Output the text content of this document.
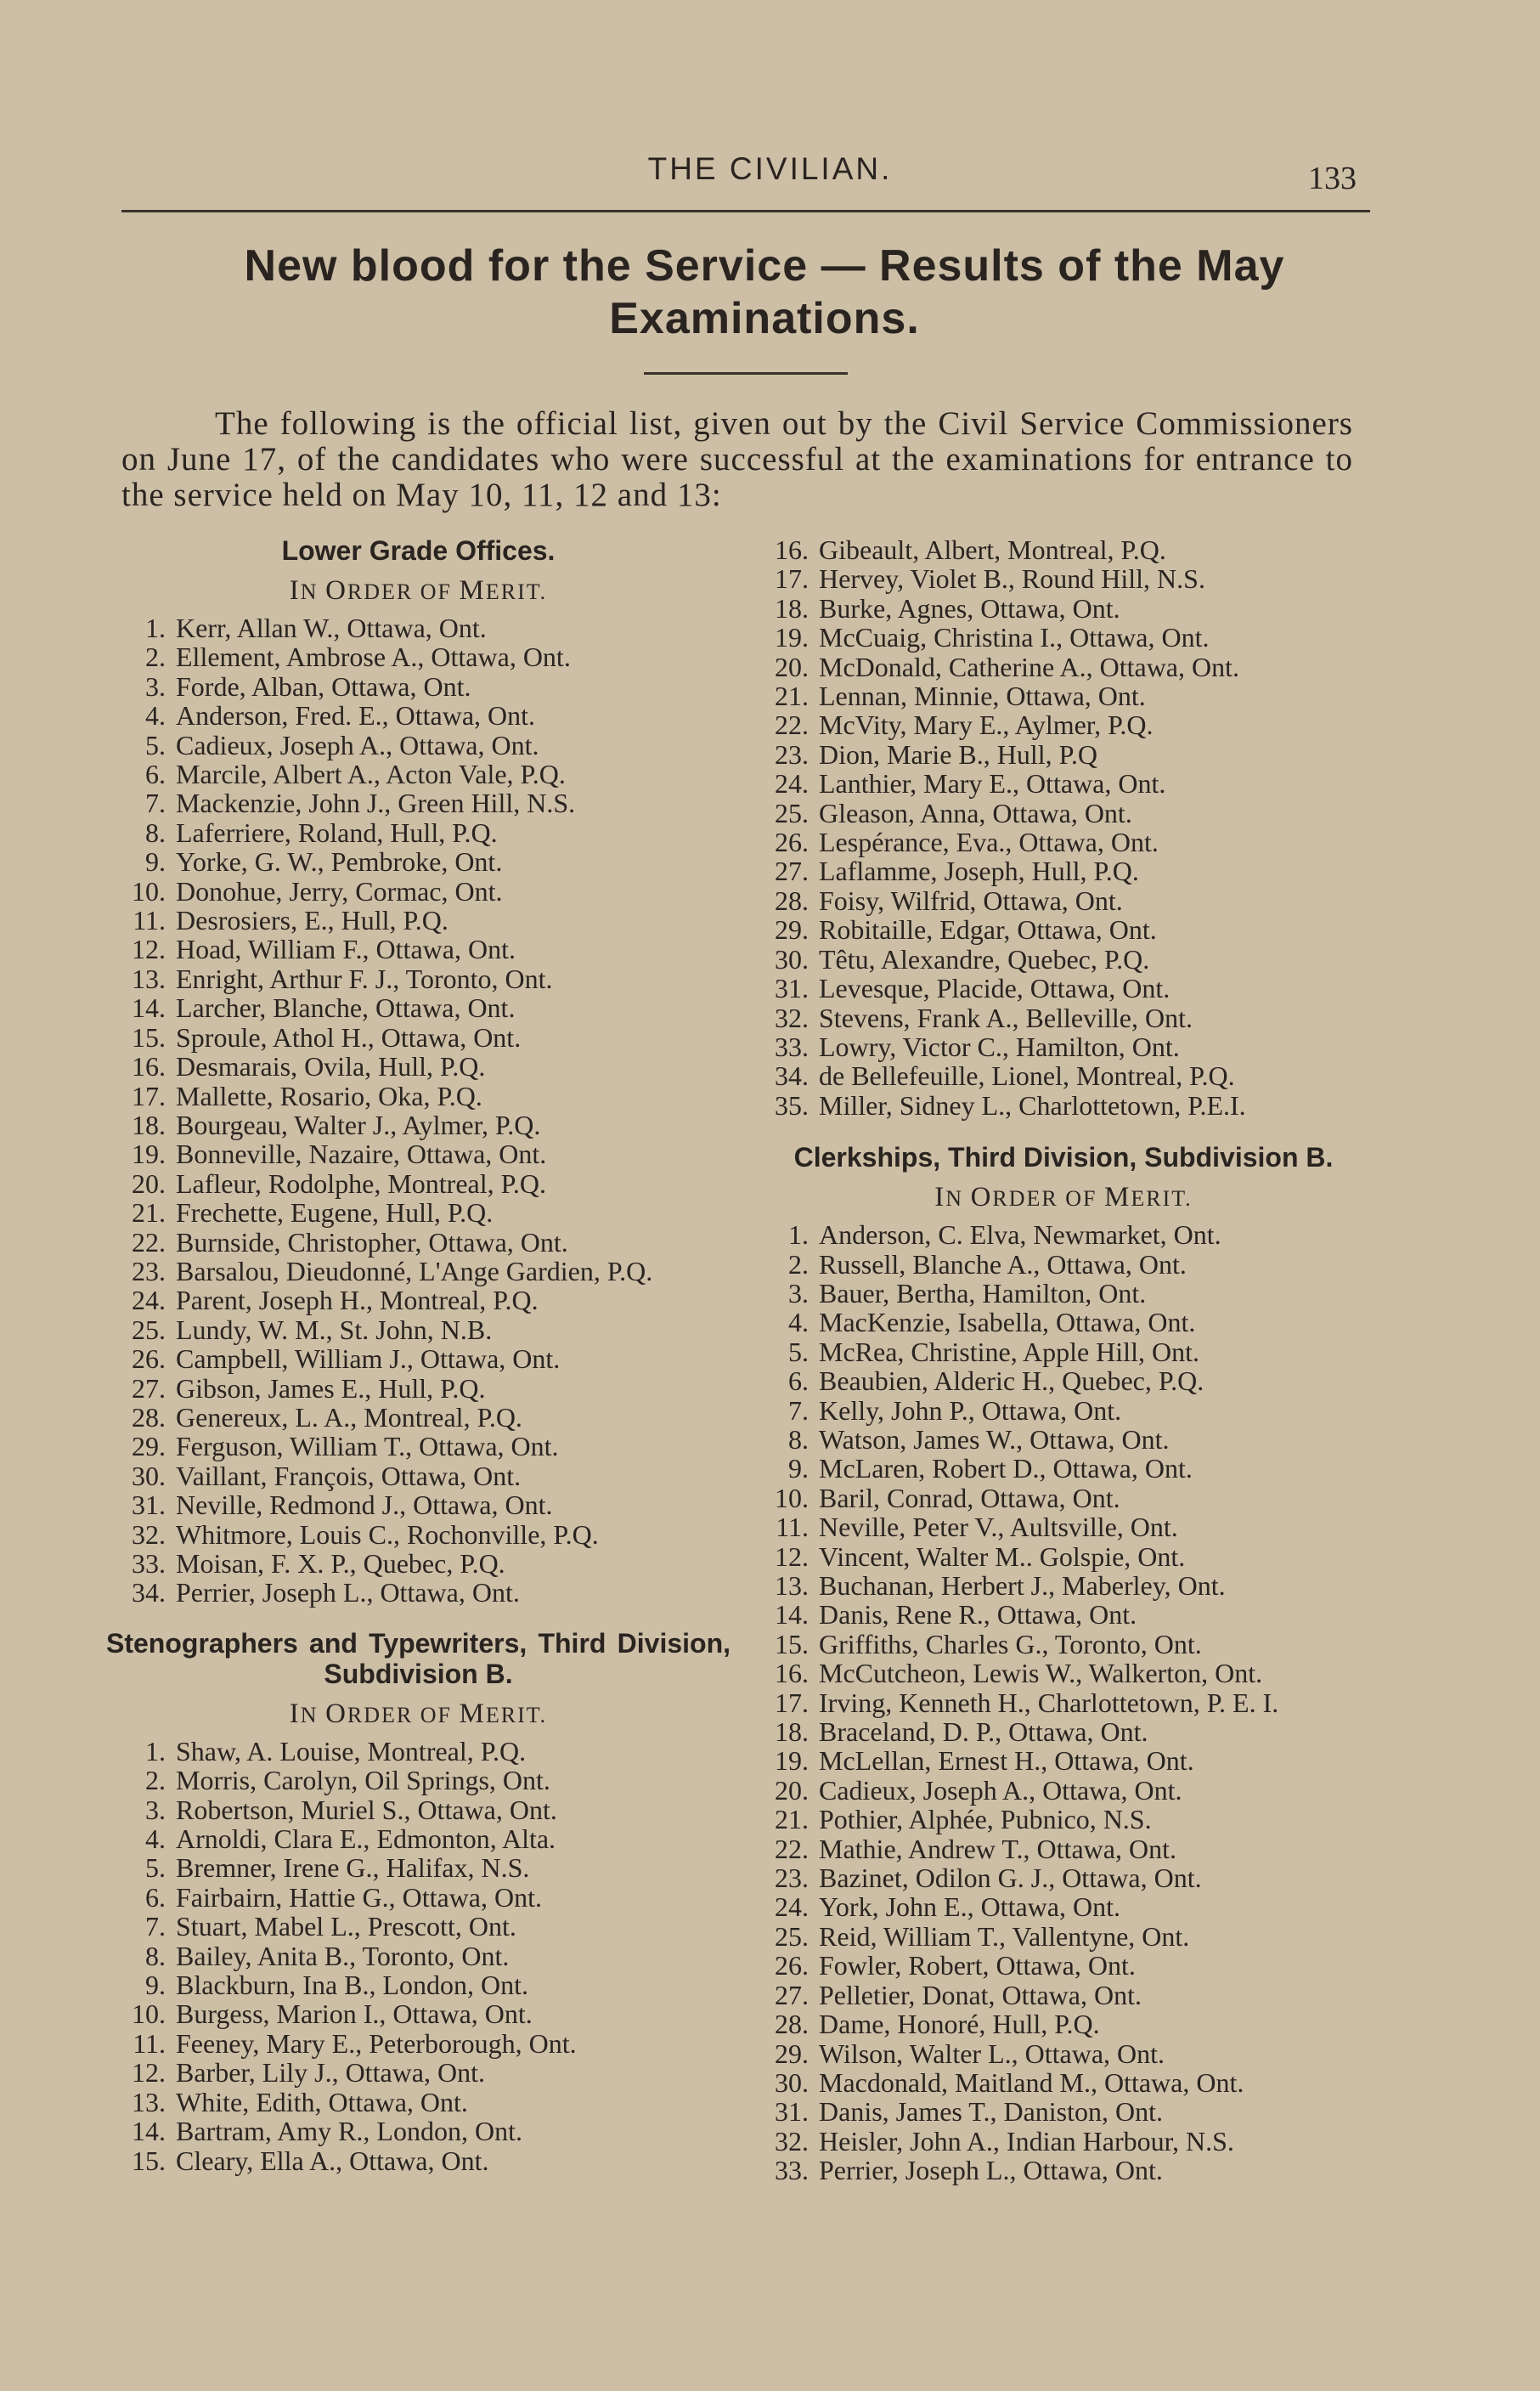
THE CIVILIAN.	133
New blood for the Service — Results of the May
Examinations.
The following is the official list, given out by the Civil Service Commissioners on June 17, of the candidates who were successful at the examinations for entrance to the service held on May 10, 11, 12 and 13:
Lower Grade Offices.
IN ORDER OF MERIT.
1. Kerr, Allan W., Ottawa, Ont.
2. Ellement, Ambrose A., Ottawa, Ont.
3. Forde, Alban, Ottawa, Ont.
4. Anderson, Fred. E., Ottawa, Ont.
5. Cadieux, Joseph A., Ottawa, Ont.
6. Marcile, Albert A., Acton Vale, P.Q.
7. Mackenzie, John J., Green Hill, N.S.
8. Laferriere, Roland, Hull, P.Q.
9. Yorke, G. W., Pembroke, Ont.
10. Donohue, Jerry, Cormac, Ont.
11. Desrosiers, E., Hull, P.Q.
12. Hoad, William F., Ottawa, Ont.
13. Enright, Arthur F. J., Toronto, Ont.
14. Larcher, Blanche, Ottawa, Ont.
15. Sproule, Athol H., Ottawa, Ont.
16. Desmarais, Ovila, Hull, P.Q.
17. Mallette, Rosario, Oka, P.Q.
18. Bourgeau, Walter J., Aylmer, P.Q.
19. Bonneville, Nazaire, Ottawa, Ont.
20. Lafleur, Rodolphe, Montreal, P.Q.
21. Frechette, Eugene, Hull, P.Q.
22. Burnside, Christopher, Ottawa, Ont.
23. Barsalou, Dieudonné, L'Ange Gardien, P.Q.
24. Parent, Joseph H., Montreal, P.Q.
25. Lundy, W. M., St. John, N.B.
26. Campbell, William J., Ottawa, Ont.
27. Gibson, James E., Hull, P.Q.
28. Genereux, L. A., Montreal, P.Q.
29. Ferguson, William T., Ottawa, Ont.
30. Vaillant, François, Ottawa, Ont.
31. Neville, Redmond J., Ottawa, Ont.
32. Whitmore, Louis C., Rochonville, P.Q.
33. Moisan, F. X. P., Quebec, P.Q.
34. Perrier, Joseph L., Ottawa, Ont.
Stenographers and Typewriters, Third Division, Subdivision B.
IN ORDER OF MERIT.
1. Shaw, A. Louise, Montreal, P.Q.
2. Morris, Carolyn, Oil Springs, Ont.
3. Robertson, Muriel S., Ottawa, Ont.
4. Arnoldi, Clara E., Edmonton, Alta.
5. Bremner, Irene G., Halifax, N.S.
6. Fairbairn, Hattie G., Ottawa, Ont.
7. Stuart, Mabel L., Prescott, Ont.
8. Bailey, Anita B., Toronto, Ont.
9. Blackburn, Ina B., London, Ont.
10. Burgess, Marion I., Ottawa, Ont.
11. Feeney, Mary E., Peterborough, Ont.
12. Barber, Lily J., Ottawa, Ont.
13. White, Edith, Ottawa, Ont.
14. Bartram, Amy R., London, Ont.
15. Cleary, Ella A., Ottawa, Ont.
16. Gibeault, Albert, Montreal, P.Q.
17. Hervey, Violet B., Round Hill, N.S.
18. Burke, Agnes, Ottawa, Ont.
19. McCuaig, Christina I., Ottawa, Ont.
20. McDonald, Catherine A., Ottawa, Ont.
21. Lennan, Minnie, Ottawa, Ont.
22. McVity, Mary E., Aylmer, P.Q.
23. Dion, Marie B., Hull, P.Q
24. Lanthier, Mary E., Ottawa, Ont.
25. Gleason, Anna, Ottawa, Ont.
26. Lespérance, Eva., Ottawa, Ont.
27. Laflamme, Joseph, Hull, P.Q.
28. Foisy, Wilfrid, Ottawa, Ont.
29. Robitaille, Edgar, Ottawa, Ont.
30. Têtu, Alexandre, Quebec, P.Q.
31. Levesque, Placide, Ottawa, Ont.
32. Stevens, Frank A., Belleville, Ont.
33. Lowry, Victor C., Hamilton, Ont.
34. de Bellefeuille, Lionel, Montreal, P.Q.
35. Miller, Sidney L., Charlottetown, P.E.I.
Clerkships, Third Division, Subdivision B.
IN ORDER OF MERIT.
1. Anderson, C. Elva, Newmarket, Ont.
2. Russell, Blanche A., Ottawa, Ont.
3. Bauer, Bertha, Hamilton, Ont.
4. MacKenzie, Isabella, Ottawa, Ont.
5. McRea, Christine, Apple Hill, Ont.
6. Beaubien, Alderic H., Quebec, P.Q.
7. Kelly, John P., Ottawa, Ont.
8. Watson, James W., Ottawa, Ont.
9. McLaren, Robert D., Ottawa, Ont.
10. Baril, Conrad, Ottawa, Ont.
11. Neville, Peter V., Aultsville, Ont.
12. Vincent, Walter M.. Golspie, Ont.
13. Buchanan, Herbert J., Maberley, Ont.
14. Danis, Rene R., Ottawa, Ont.
15. Griffiths, Charles G., Toronto, Ont.
16. McCutcheon, Lewis W., Walkerton, Ont.
17. Irving, Kenneth H., Charlottetown, P. E. I.
18. Braceland, D. P., Ottawa, Ont.
19. McLellan, Ernest H., Ottawa, Ont.
20. Cadieux, Joseph A., Ottawa, Ont.
21. Pothier, Alphée, Pubnico, N.S.
22. Mathie, Andrew T., Ottawa, Ont.
23. Bazinet, Odilon G. J., Ottawa, Ont.
24. York, John E., Ottawa, Ont.
25. Reid, William T., Vallentyne, Ont.
26. Fowler, Robert, Ottawa, Ont.
27. Pelletier, Donat, Ottawa, Ont.
28. Dame, Honoré, Hull, P.Q.
29. Wilson, Walter L., Ottawa, Ont.
30. Macdonald, Maitland M., Ottawa, Ont.
31. Danis, James T., Daniston, Ont.
32. Heisler, John A., Indian Harbour, N.S.
33. Perrier, Joseph L., Ottawa, Ont.
